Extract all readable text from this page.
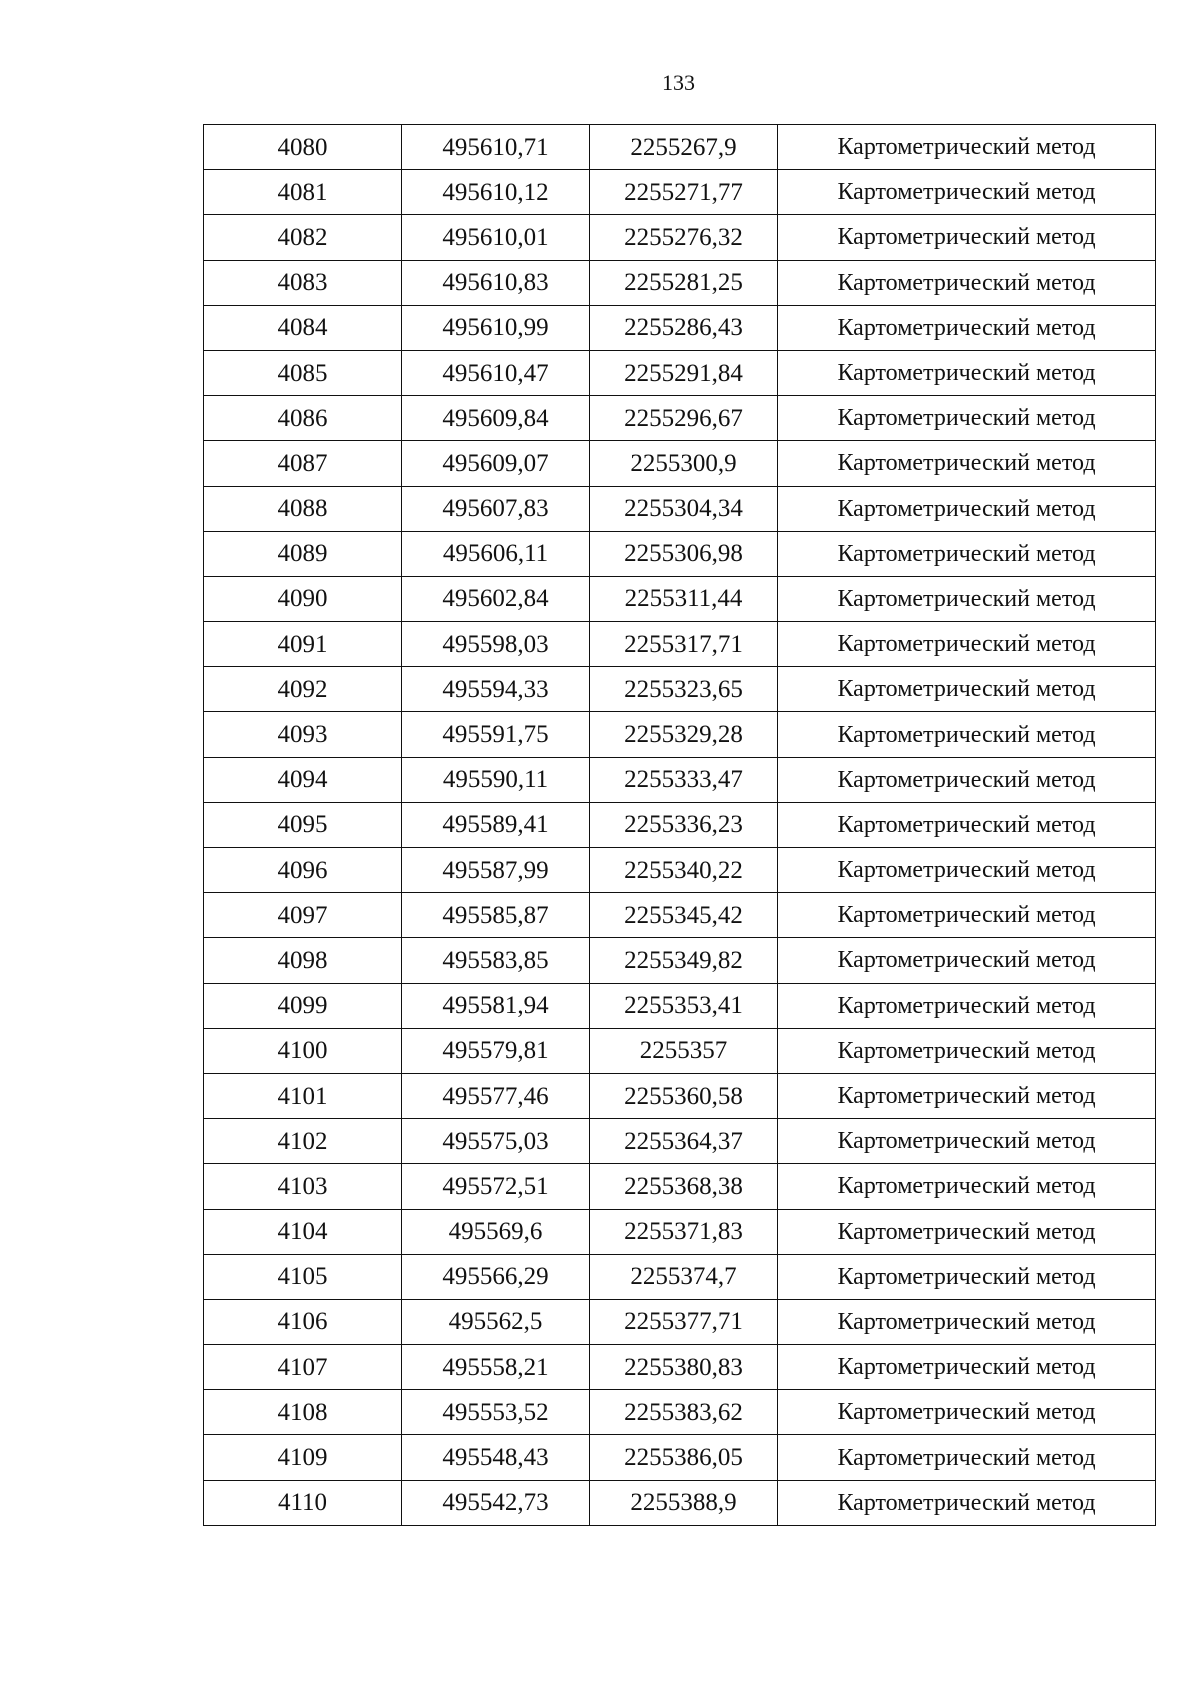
133
4080	495610,71	2255267,9	Картометрический метод
4081	495610,12	2255271,77	Картометрический метод
4082	495610,01	2255276,32	Картометрический метод
4083	495610,83	2255281,25	Картометрический метод
4084	495610,99	2255286,43	Картометрический метод
4085	495610,47	2255291,84	Картометрический метод
4086	495609,84	2255296,67	Картометрический метод
4087	495609,07	2255300,9	Картометрический метод
4088	495607,83	2255304,34	Картометрический метод
4089	495606,11	2255306,98	Картометрический метод
4090	495602,84	2255311,44	Картометрический метод
4091	495598,03	2255317,71	Картометрический метод
4092	495594,33	2255323,65	Картометрический метод
4093	495591,75	2255329,28	Картометрический метод
4094	495590,11	2255333,47	Картометрический метод
4095	495589,41	2255336,23	Картометрический метод
4096	495587,99	2255340,22	Картометрический метод
4097	495585,87	2255345,42	Картометрический метод
4098	495583,85	2255349,82	Картометрический метод
4099	495581,94	2255353,41	Картометрический метод
4100	495579,81	2255357	Картометрический метод
4101	495577,46	2255360,58	Картометрический метод
4102	495575,03	2255364,37	Картометрический метод
4103	495572,51	2255368,38	Картометрический метод
4104	495569,6	2255371,83	Картометрический метод
4105	495566,29	2255374,7	Картометрический метод
4106	495562,5	2255377,71	Картометрический метод
4107	495558,21	2255380,83	Картометрический метод
4108	495553,52	2255383,62	Картометрический метод
4109	495548,43	2255386,05	Картометрический метод
4110	495542,73	2255388,9	Картометрический метод
